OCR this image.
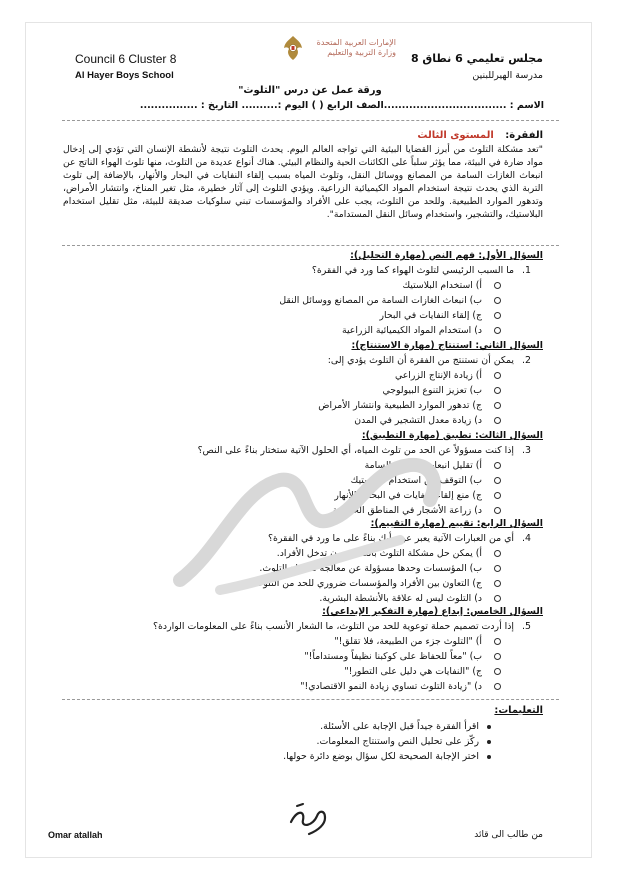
Council 6 Cluster 8
Al Hayer Boys School
مجلس تعليمي 6 نطاق 8
مدرسة الهيرللبنين
الإمارات العربية المتحدة
وزارة التربية والتعليم
ورقة عمل عن درس "التلوث"
الاسم : ..................................الصف الرابع ( ) اليوم :.......... التاريخ : ................
الفقرة: المستوى الثالث
"تعد مشكلة التلوث من أبرز القضايا البيئية التي تواجه العالم اليوم. يحدث التلوث نتيجة لأنشطة الإنسان التي تؤدي إلى إدخال مواد ضارة في البيئة، مما يؤثر سلباً على الكائنات الحية والنظام البيئي. هناك أنواع عديدة من التلوث، منها تلوث الهواء الناتج عن انبعاث الغازات السامة من المصانع ووسائل النقل، وتلوث المياه بسبب إلقاء النفايات في البحار والأنهار، بالإضافة إلى تلوث التربة الذي يحدث نتيجة استخدام المواد الكيميائية الزراعية. ويؤدي التلوث إلى آثار خطيرة، مثل تغير المناخ، وانتشار الأمراض، وتدهور الموارد الطبيعية. وللحد من التلوث، يجب على الأفراد والمؤسسات تبني سلوكيات صديقة للبيئة، مثل تقليل استخدام البلاستيك، والتشجير، واستخدام وسائل النقل المستدامة".
السؤال الأول: فهم النص (مهارة التحليل):
1.ما السبب الرئيسي لتلوث الهواء كما ورد في الفقرة؟
أ) استخدام البلاستيك
ب) انبعاث الغازات السامة من المصانع ووسائل النقل
ج) إلقاء النفايات في البحار
د) استخدام المواد الكيميائية الزراعية
السؤال الثاني: استنتاج (مهارة الاستنتاج):
2.يمكن أن نستنتج من الفقرة أن التلوث يؤدي إلى:
أ) زيادة الإنتاج الزراعي
ب) تعزيز التنوع البيولوجي
ج) تدهور الموارد الطبيعية وانتشار الأمراض
د) زيادة معدل التشجير في المدن
السؤال الثالث: تطبيق (مهارة التطبيق):
3.إذا كنت مسؤولاً عن الحد من تلوث المياه، أي الحلول الآتية ستختار بناءً على النص؟
أ) تقليل انبعاث الغازات السامة
ب) التوقف عن استخدام البلاستيك
ج) منع إلقاء النفايات في البحار والأنهار
د) زراعة الأشجار في المناطق الحضرية
السؤال الرابع: تقييم (مهارة التقييم):
4.أي من العبارات الآتية يعبر عن رأيك بناءً على ما ورد في الفقرة؟
أ) يمكن حل مشكلة التلوث بالكامل دون تدخل الأفراد.
ب) المؤسسات وحدها مسؤولة عن معالجة مشكلة التلوث.
ج) التعاون بين الأفراد والمؤسسات ضروري للحد من التلوث.
د) التلوث ليس له علاقة بالأنشطة البشرية.
السؤال الخامس: إبداع (مهارة التفكير الإبداعي):
5.إذا أردت تصميم حملة توعوية للحد من التلوث، ما الشعار الأنسب بناءً على المعلومات الواردة؟
أ) "التلوث جزء من الطبيعة، فلا تقلق!"
ب) "معاً للحفاظ على كوكبنا نظيفاً ومستداماً!"
ج) "النفايات هي دليل على التطور!"
د) "زيادة التلوث تساوي زيادة النمو الاقتصادي!"
التعليمات:
اقرأ الفقرة جيداً قبل الإجابة على الأسئلة.
ركّز على تحليل النص واستنتاج المعلومات.
اختر الإجابة الصحيحة لكل سؤال بوضع دائرة حولها.
Omar atallah	من طالب الى قائد
